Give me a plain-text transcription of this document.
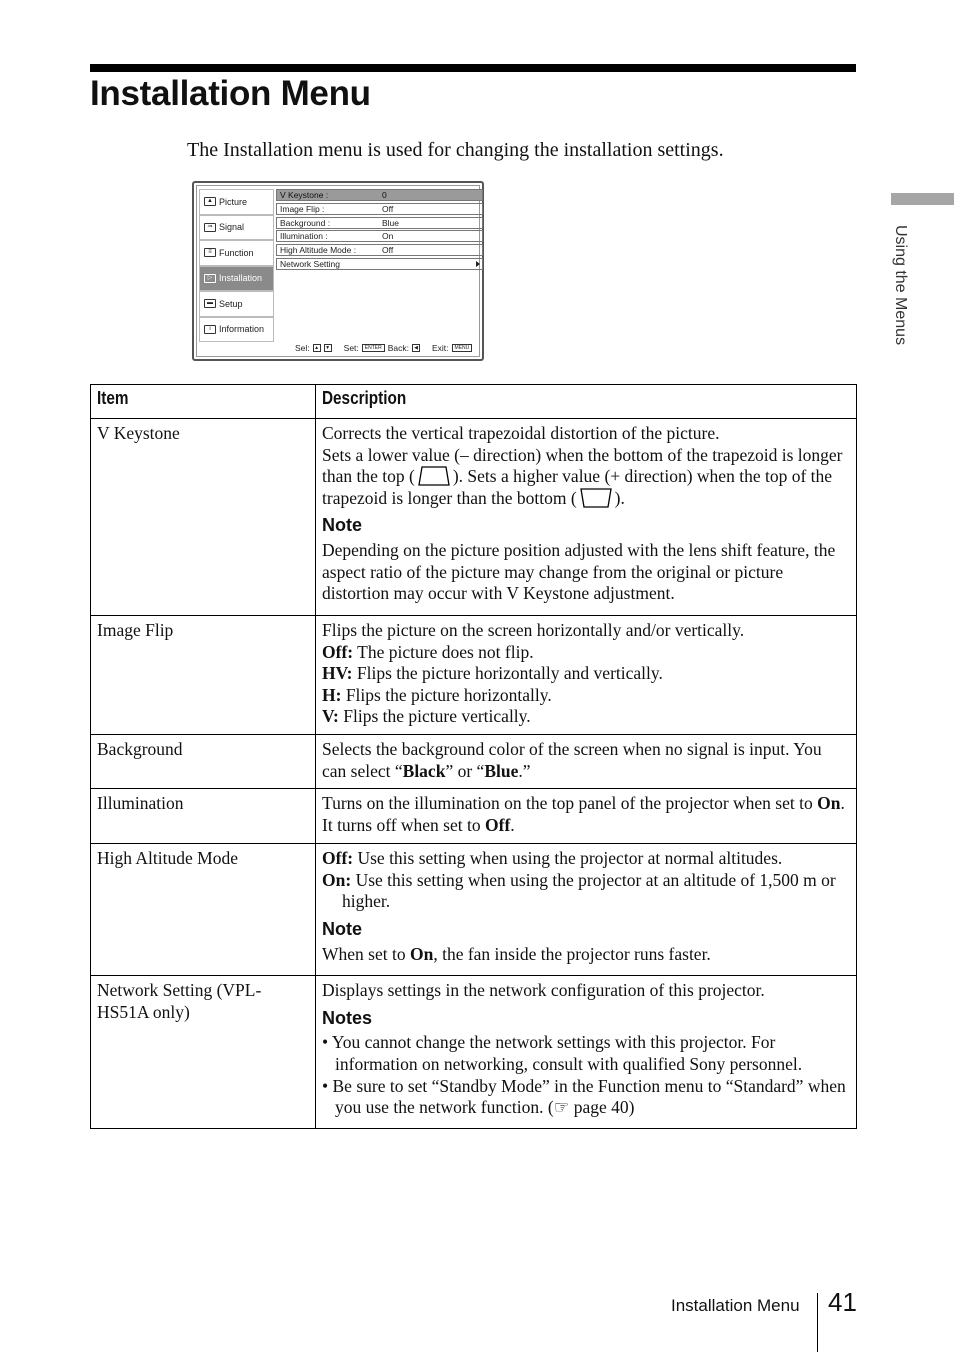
Installation Menu

The Installation menu is used for changing the installation settings.

Using the Menus
▲ Picture
⇒ Signal
≡ Function
▷ Installation
▬ Setup
i Information
V Keystone :	0
Image Flip :	Off
Background :	Blue
Illumination :	On
High Altitude Mode :	Off
Network Setting
Sel: ▲	▼ Set:	ENTER Back:	◀ Exit:	MENU
Item	Description
V Keystone	Corrects the vertical trapezoidal distortion of the picture.
Sets a lower value (– direction) when the bottom of the trapezoid is longer than the top ( ). Sets a higher value (+ direction) when the top of the trapezoid is longer than the bottom ( ).
Note
Depending on the picture position adjusted with the lens shift feature, the aspect ratio of the picture may change from the original or picture distortion may occur with V Keystone adjustment.

Image Flip	Flips the picture on the screen horizontally and/or vertically.
Off: The picture does not flip.
HV: Flips the picture horizontally and vertically.
H: Flips the picture horizontally.
V: Flips the picture vertically.

Background	Selects the background color of the screen when no signal is input. You can select “Black” or “Blue.”
Illumination	Turns on the illumination on the top panel of the projector when set to On. It turns off when set to Off.
High Altitude Mode	Off: Use this setting when using the projector at normal altitudes.
On: Use this setting when using the projector at an altitude of 1,500 m or higher.
Note
When set to On, the fan inside the projector runs faster.

Network Setting (VPL-HS51A only)	Displays settings in the network configuration of this projector.
Notes
• You cannot change the network settings with this projector. For information on networking, consult with qualified Sony personnel.
• Be sure to set “Standby Mode” in the Function menu to “Standard” when you use the network function. (☞ page 40)
Installation Menu 41
